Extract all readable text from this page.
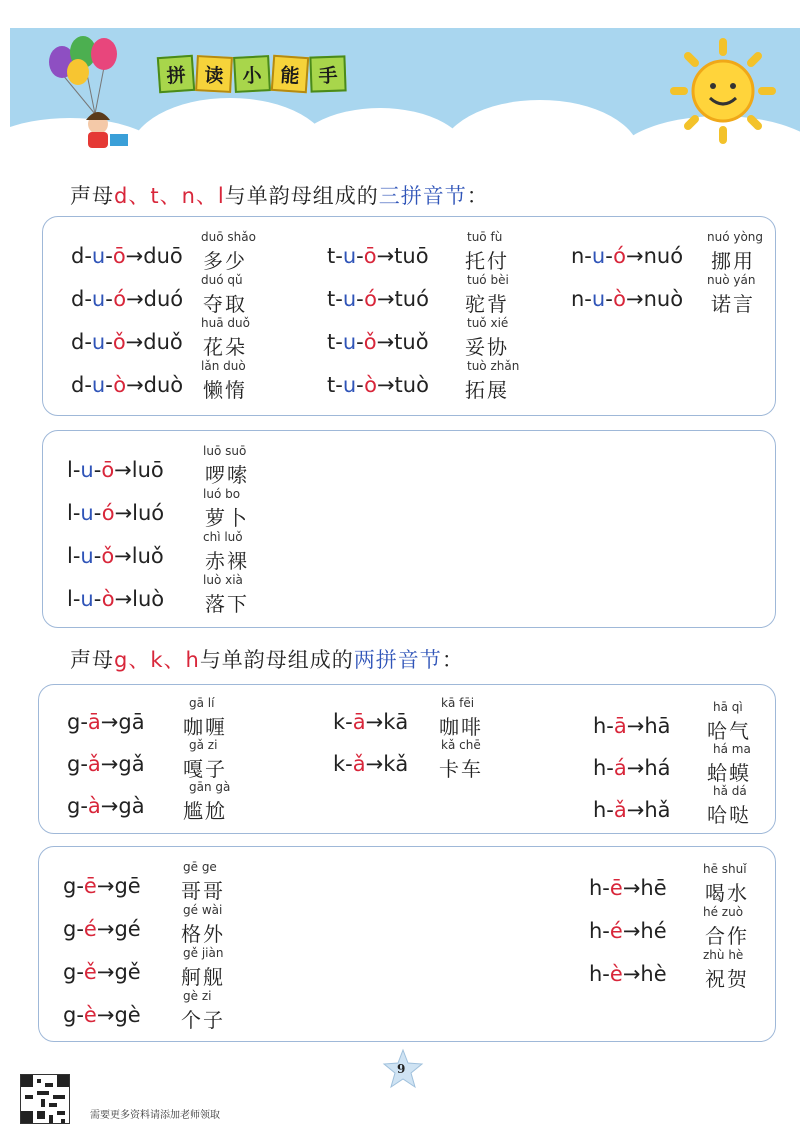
拼 读 小 能 手
声母d、t、n、l与单韵母组成的三拼音节：
d-u-ō→duō
duō shǎo
多少
d-u-ó→duó
duó qǔ
夺取
d-u-ǒ→duǒ
huā duǒ
花朵
d-u-ò→duò
lǎn duò
懒惰
t-u-ō→tuō
tuō fù
托付
t-u-ó→tuó
tuó bèi
驼背
t-u-ǒ→tuǒ
tuǒ xié
妥协
t-u-ò→tuò
tuò zhǎn
拓展
n-u-ó→nuó
nuó yòng
挪用
n-u-ò→nuò
nuò yán
诺言
l-u-ō→luō
luō suō
啰嗦
l-u-ó→luó
luó bo
萝卜
l-u-ǒ→luǒ
chì luǒ
赤裸
l-u-ò→luò
luò xià
落下
声母g、k、h与单韵母组成的两拼音节：
g-ā→gā
gā lí
咖喱
g-ǎ→gǎ
gǎ zi
嘎子
g-à→gà
gān gà
尴尬
k-ā→kā
kā fēi
咖啡
k-ǎ→kǎ
kǎ chē
卡车
h-ā→hā
hā qì
哈气
h-á→há
há ma
蛤蟆
h-ǎ→hǎ
hǎ dá
哈哒
g-ē→gē
gē ge
哥哥
g-é→gé
gé wài
格外
g-ě→gě
gě jiàn
舸舰
g-è→gè
gè zi
个子
h-ē→hē
hē shuǐ
喝水
h-é→hé
hé zuò
合作
h-è→hè
zhù hè
祝贺
9
需要更多资料请添加老师领取
